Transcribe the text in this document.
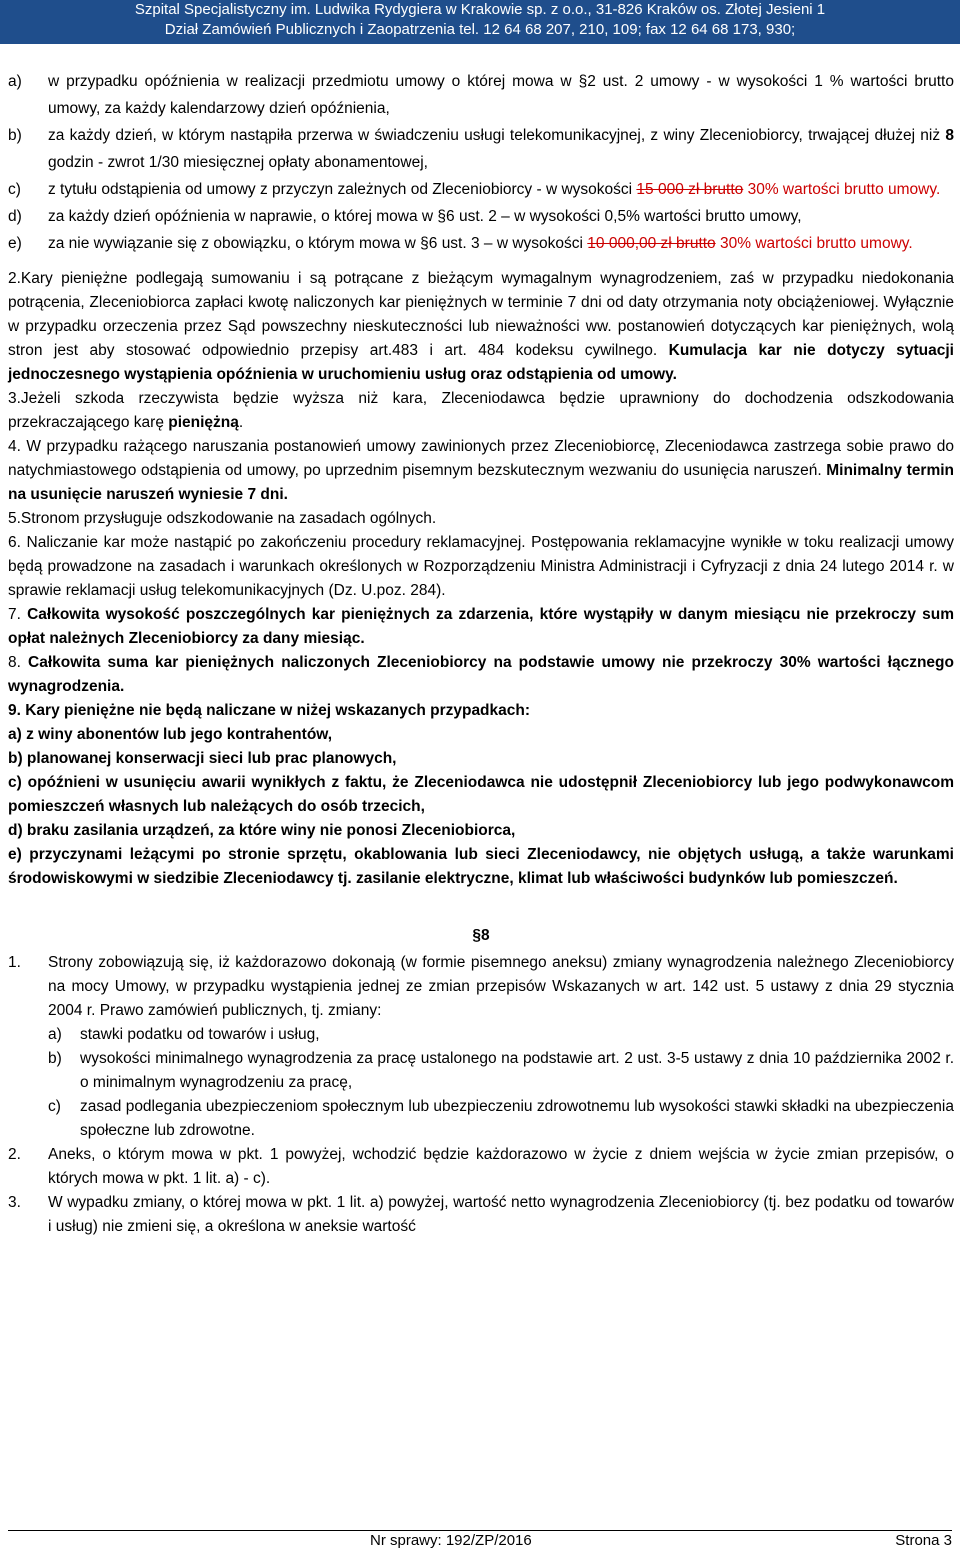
Szpital Specjalistyczny im. Ludwika Rydygiera w Krakowie sp. z o.o., 31-826 Kraków os. Złotej Jesieni 1
Dział Zamówień Publicznych i Zaopatrzenia tel. 12 64 68 207, 210, 109; fax 12 64 68 173, 930;
a)	w przypadku opóźnienia w realizacji przedmiotu umowy o której mowa w §2 ust. 2 umowy - w wysokości 1 % wartości brutto umowy, za każdy kalendarzowy dzień opóźnienia,
b)	za każdy dzień, w którym nastąpiła przerwa w świadczeniu usługi telekomunikacyjnej, z winy Zleceniobiorcy, trwającej dłużej niż 8 godzin - zwrot 1/30 miesięcznej opłaty abonamentowej,
c)	z tytułu odstąpienia od umowy z przyczyn zależnych od Zleceniobiorcy - w wysokości 15 000 zł brutto 30% wartości brutto umowy.
d)	za każdy dzień opóźnienia w naprawie, o której mowa w §6 ust. 2 – w wysokości 0,5% wartości brutto umowy,
e)	za nie wywiązanie się z obowiązku, o którym mowa w §6 ust. 3 – w wysokości 10 000,00 zł brutto 30% wartości brutto umowy.

2.Kary pieniężne podlegają sumowaniu i są potrącane z bieżącym wymagalnym wynagrodzeniem, zaś w przypadku niedokonania potrącenia, Zleceniobiorca zapłaci kwotę naliczonych kar pieniężnych w terminie 7 dni od daty otrzymania noty obciążeniowej. Wyłącznie w przypadku orzeczenia przez Sąd powszechny nieskuteczności lub nieważności ww. postanowień dotyczących kar pieniężnych, wolą stron jest aby stosować odpowiednio przepisy art.483 i art. 484 kodeksu cywilnego. Kumulacja kar nie dotyczy sytuacji jednoczesnego wystąpienia opóźnienia w uruchomieniu usług oraz odstąpienia od umowy.

3.Jeżeli szkoda rzeczywista będzie wyższa niż kara, Zleceniodawca będzie uprawniony do dochodzenia odszkodowania przekraczającego karę pieniężną.

4. W przypadku rażącego naruszania postanowień umowy zawinionych przez Zleceniobiorcę, Zleceniodawca zastrzega sobie prawo do natychmiastowego odstąpienia od umowy, po uprzednim pisemnym bezskutecznym wezwaniu do usunięcia naruszeń. Minimalny termin na usunięcie naruszeń wyniesie 7 dni.

5.Stronom przysługuje odszkodowanie na zasadach ogólnych.

6. Naliczanie kar może nastąpić po zakończeniu procedury reklamacyjnej. Postępowania reklamacyjne wynikłe w toku realizacji umowy będą prowadzone na zasadach i warunkach określonych w Rozporządzeniu Ministra Administracji i Cyfryzacji z dnia 24 lutego 2014 r. w sprawie reklamacji usług telekomunikacyjnych (Dz. U.poz. 284).

7. Całkowita wysokość poszczególnych kar pieniężnych za zdarzenia, które wystąpiły w danym miesiącu nie przekroczy sum opłat należnych Zleceniobiorcy za dany miesiąc.

8. Całkowita suma kar pieniężnych naliczonych Zleceniobiorcy na podstawie umowy nie przekroczy 30% wartości łącznego wynagrodzenia.

9. Kary pieniężne nie będą naliczane w niżej wskazanych przypadkach:

a) z winy abonentów lub jego kontrahentów,

b) planowanej konserwacji sieci lub prac planowych,

c) opóźnieni w usunięciu awarii wynikłych z faktu, że Zleceniodawca nie udostępnił Zleceniobiorcy lub jego podwykonawcom pomieszczeń własnych lub należących do osób trzecich,

d) braku zasilania urządzeń, za które winy nie ponosi Zleceniobiorca,

e) przyczynami leżącymi po stronie sprzętu, okablowania lub sieci Zleceniodawcy, nie objętych usługą, a także warunkami środowiskowymi w siedzibie Zleceniodawcy tj. zasilanie elektryczne, klimat lub właściwości budynków lub pomieszczeń.

§8
1.	Strony zobowiązują się, iż każdorazowo dokonają (w formie pisemnego aneksu) zmiany wynagrodzenia należnego Zleceniobiorcy na mocy Umowy, w przypadku wystąpienia jednej ze zmian przepisów Wskazanych w art. 142 ust. 5 ustawy z dnia 29 stycznia 2004 r. Prawo zamówień publicznych, tj. zmiany:
a)	stawki podatku od towarów i usług,
b)	wysokości minimalnego wynagrodzenia za pracę ustalonego na podstawie art. 2 ust. 3-5 ustawy z dnia 10 października 2002 r. o minimalnym wynagrodzeniu za pracę,
c)	zasad podlegania ubezpieczeniom społecznym lub ubezpieczeniu zdrowotnemu lub wysokości stawki składki na ubezpieczenia społeczne lub zdrowotne.
2.	Aneks, o którym mowa w pkt. 1 powyżej, wchodzić będzie każdorazowo w życie z dniem wejścia w życie zmian przepisów, o których mowa w pkt. 1 lit. a) - c).
3.	W wypadku zmiany, o której mowa w pkt. 1 lit. a) powyżej, wartość netto wynagrodzenia Zleceniobiorcy (tj. bez podatku od towarów i usług) nie zmieni się, a określona w aneksie wartość
Nr sprawy: 192/ZP/2016	Strona 3
